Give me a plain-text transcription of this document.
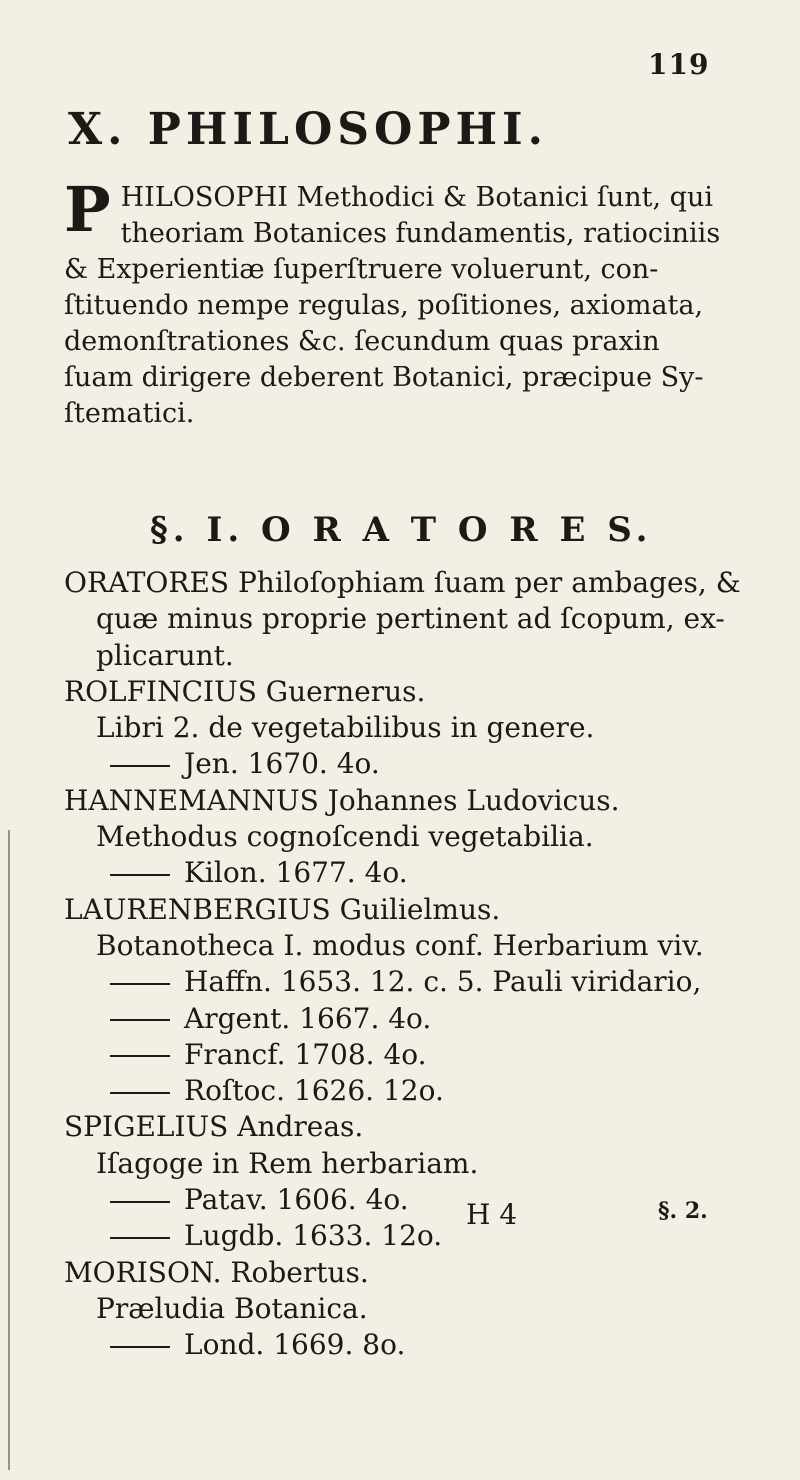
119
X. PHILOSOPHI.
P HILOSOPHI Methodici & Botanici ſunt, qui
theoriam Botanices fundamentis, ratiociniis
& Experientiæ ſuperſtruere voluerunt, con-
ſtituendo nempe regulas, poſitiones, axiomata,
demonſtrationes &c. ſecundum quas praxin
ſuam dirigere deberent Botanici, præcipue Sy-
ſtematici.
§. I. O R A T O R E S.
ORATORES Philoſophiam ſuam per ambages, &
quæ minus proprie pertinent ad ſcopum, ex-
plicarunt.
ROLFINCIUS Guernerus.
Libri 2. de vegetabilibus in genere.
Jen. 1670. 4o.
HANNEMANNUS Johannes Ludovicus.
Methodus cognoſcendi vegetabilia.
Kilon. 1677. 4o.
LAURENBERGIUS Guilielmus.
Botanotheca I. modus conf. Herbarium viv.
Haffn. 1653. 12. c. 5. Pauli viridario,
Argent. 1667. 4o.
Francf. 1708. 4o.
Roſtoc. 1626. 12o.
SPIGELIUS Andreas.
Iſagoge in Rem herbariam.
Patav. 1606. 4o.
Lugdb. 1633. 12o.
MORISON. Robertus.
Præludia Botanica.
Lond. 1669. 8o.
H 4	§. 2.
